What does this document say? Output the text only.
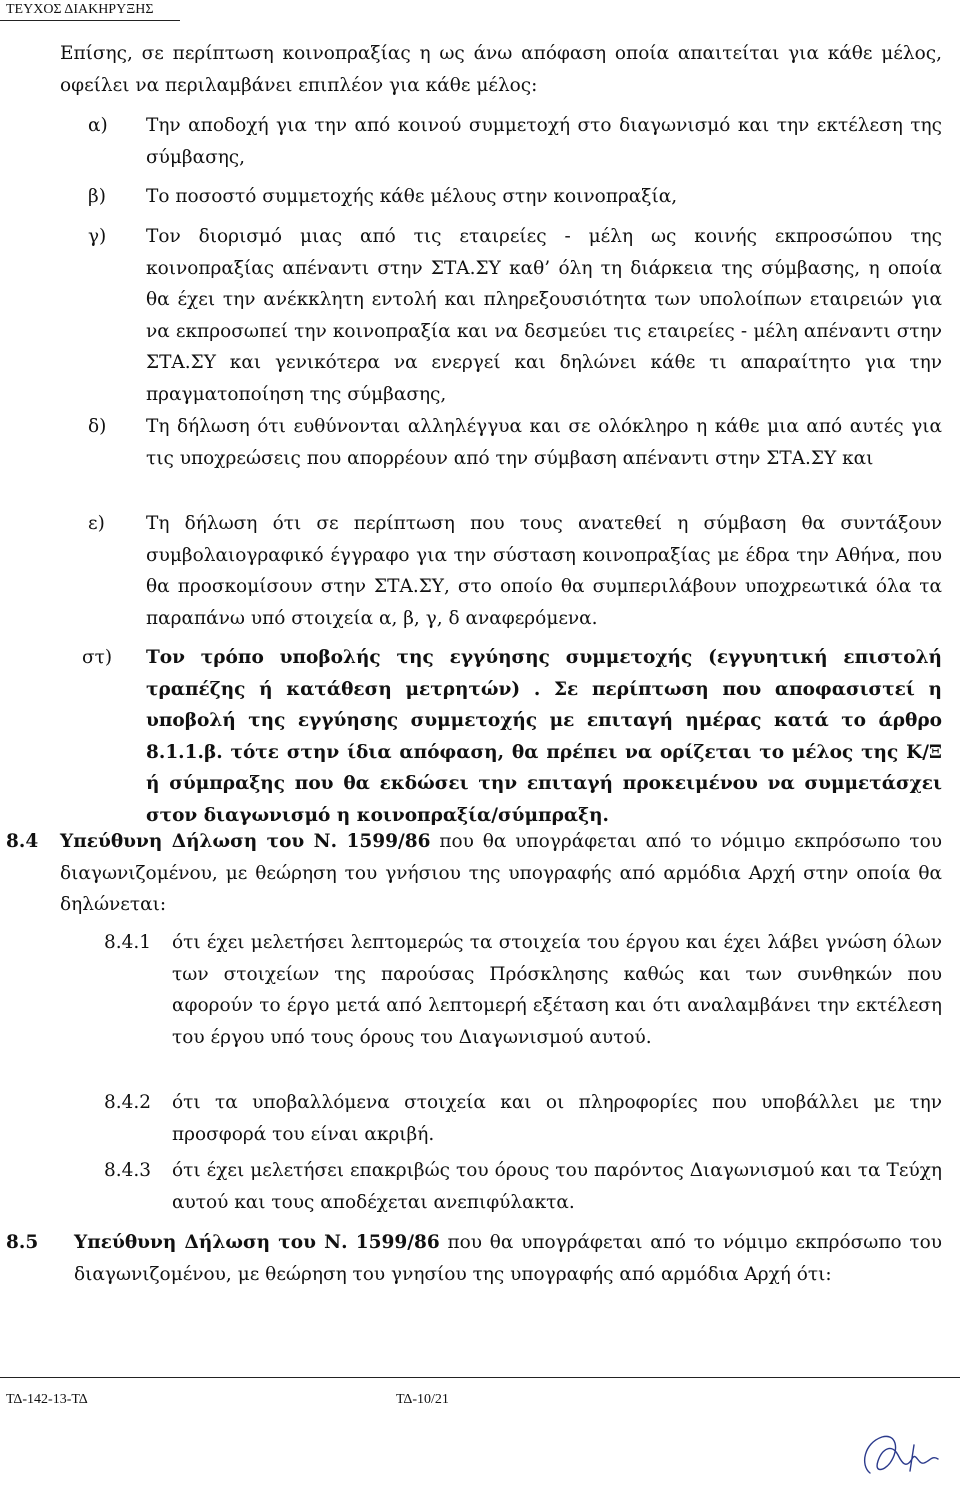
ΤΕΥΧΟΣ ΔΙΑΚΗΡΥΞΗΣ

Επίσης, σε περίπτωση κοινοπραξίας η ως άνω απόφαση οποία απαιτείται για κάθε μέλος, οφείλει να περιλαμβάνει επιπλέον για κάθε μέλος:

α) Την αποδοχή για την από κοινού συμμετοχή στο διαγωνισμό και την εκτέλεση της σύμβασης,

β) Το ποσοστό συμμετοχής κάθε μέλους στην κοινοπραξία,

γ) Τον διορισμό μιας από τις εταιρείες - μέλη ως κοινής εκπροσώπου της κοινοπραξίας απέναντι στην ΣΤΑ.ΣΥ καθ’ όλη τη διάρκεια της σύμβασης, η οποία θα έχει την ανέκκλητη εντολή και πληρεξουσιότητα των υπολοίπων εταιρειών για να εκπροσωπεί την κοινοπραξία και να δεσμεύει τις εταιρείες - μέλη απέναντι στην ΣΤΑ.ΣΥ και γενικότερα να ενεργεί και δηλώνει κάθε τι απαραίτητο για την πραγματοποίηση της σύμβασης,

δ) Τη δήλωση ότι ευθύνονται αλληλέγγυα και σε ολόκληρο η κάθε μια από αυτές για τις υποχρεώσεις που απορρέουν από την σύμβαση απέναντι στην ΣΤΑ.ΣΥ και

ε) Τη δήλωση ότι σε περίπτωση που τους ανατεθεί η σύμβαση θα συντάξουν συμβολαιογραφικό έγγραφο για την σύσταση κοινοπραξίας με έδρα την Αθήνα, που θα προσκομίσουν στην ΣΤΑ.ΣΥ, στο οποίο θα συμπεριλάβουν υποχρεωτικά όλα τα παραπάνω υπό στοιχεία α, β, γ, δ αναφερόμενα.

στ) Τον τρόπο υποβολής της εγγύησης συμμετοχής (εγγυητική επιστολή τραπέζης ή κατάθεση μετρητών) . Σε περίπτωση που αποφασιστεί η υποβολή της εγγύησης συμμετοχής με επιταγή ημέρας κατά το άρθρο 8.1.1.β. τότε στην ίδια απόφαση, θα πρέπει να ορίζεται το μέλος της Κ/Ξ ή σύμπραξης που θα εκδώσει την επιταγή προκειμένου να συμμετάσχει στον διαγωνισμό η κοινοπραξία/σύμπραξη.

8.4 Υπεύθυνη Δήλωση του Ν. 1599/86 που θα υπογράφεται από το νόμιμο εκπρόσωπο του διαγωνιζομένου, με θεώρηση του γνήσιου της υπογραφής από αρμόδια Αρχή στην οποία θα δηλώνεται:

8.4.1 ότι έχει μελετήσει λεπτομερώς τα στοιχεία του έργου και έχει λάβει γνώση όλων των στοιχείων της παρούσας Πρόσκλησης καθώς και των συνθηκών που αφορούν το έργο μετά από λεπτομερή εξέταση και ότι αναλαμβάνει την εκτέλεση του έργου υπό τους όρους του Διαγωνισμού αυτού.

8.4.2 ότι τα υποβαλλόμενα στοιχεία και οι πληροφορίες που υποβάλλει με την προσφορά του είναι ακριβή.

8.4.3 ότι έχει μελετήσει επακριβώς του όρους του παρόντος Διαγωνισμού και τα Τεύχη αυτού και τους αποδέχεται ανεπιφύλακτα.

8.5 Υπεύθυνη Δήλωση του Ν. 1599/86 που θα υπογράφεται από το νόμιμο εκπρόσωπο του διαγωνιζομένου, με θεώρηση του γνησίου της υπογραφής από αρμόδια Αρχή ότι:

ΤΔ-142-13-ΤΔ	ΤΔ-10/21
